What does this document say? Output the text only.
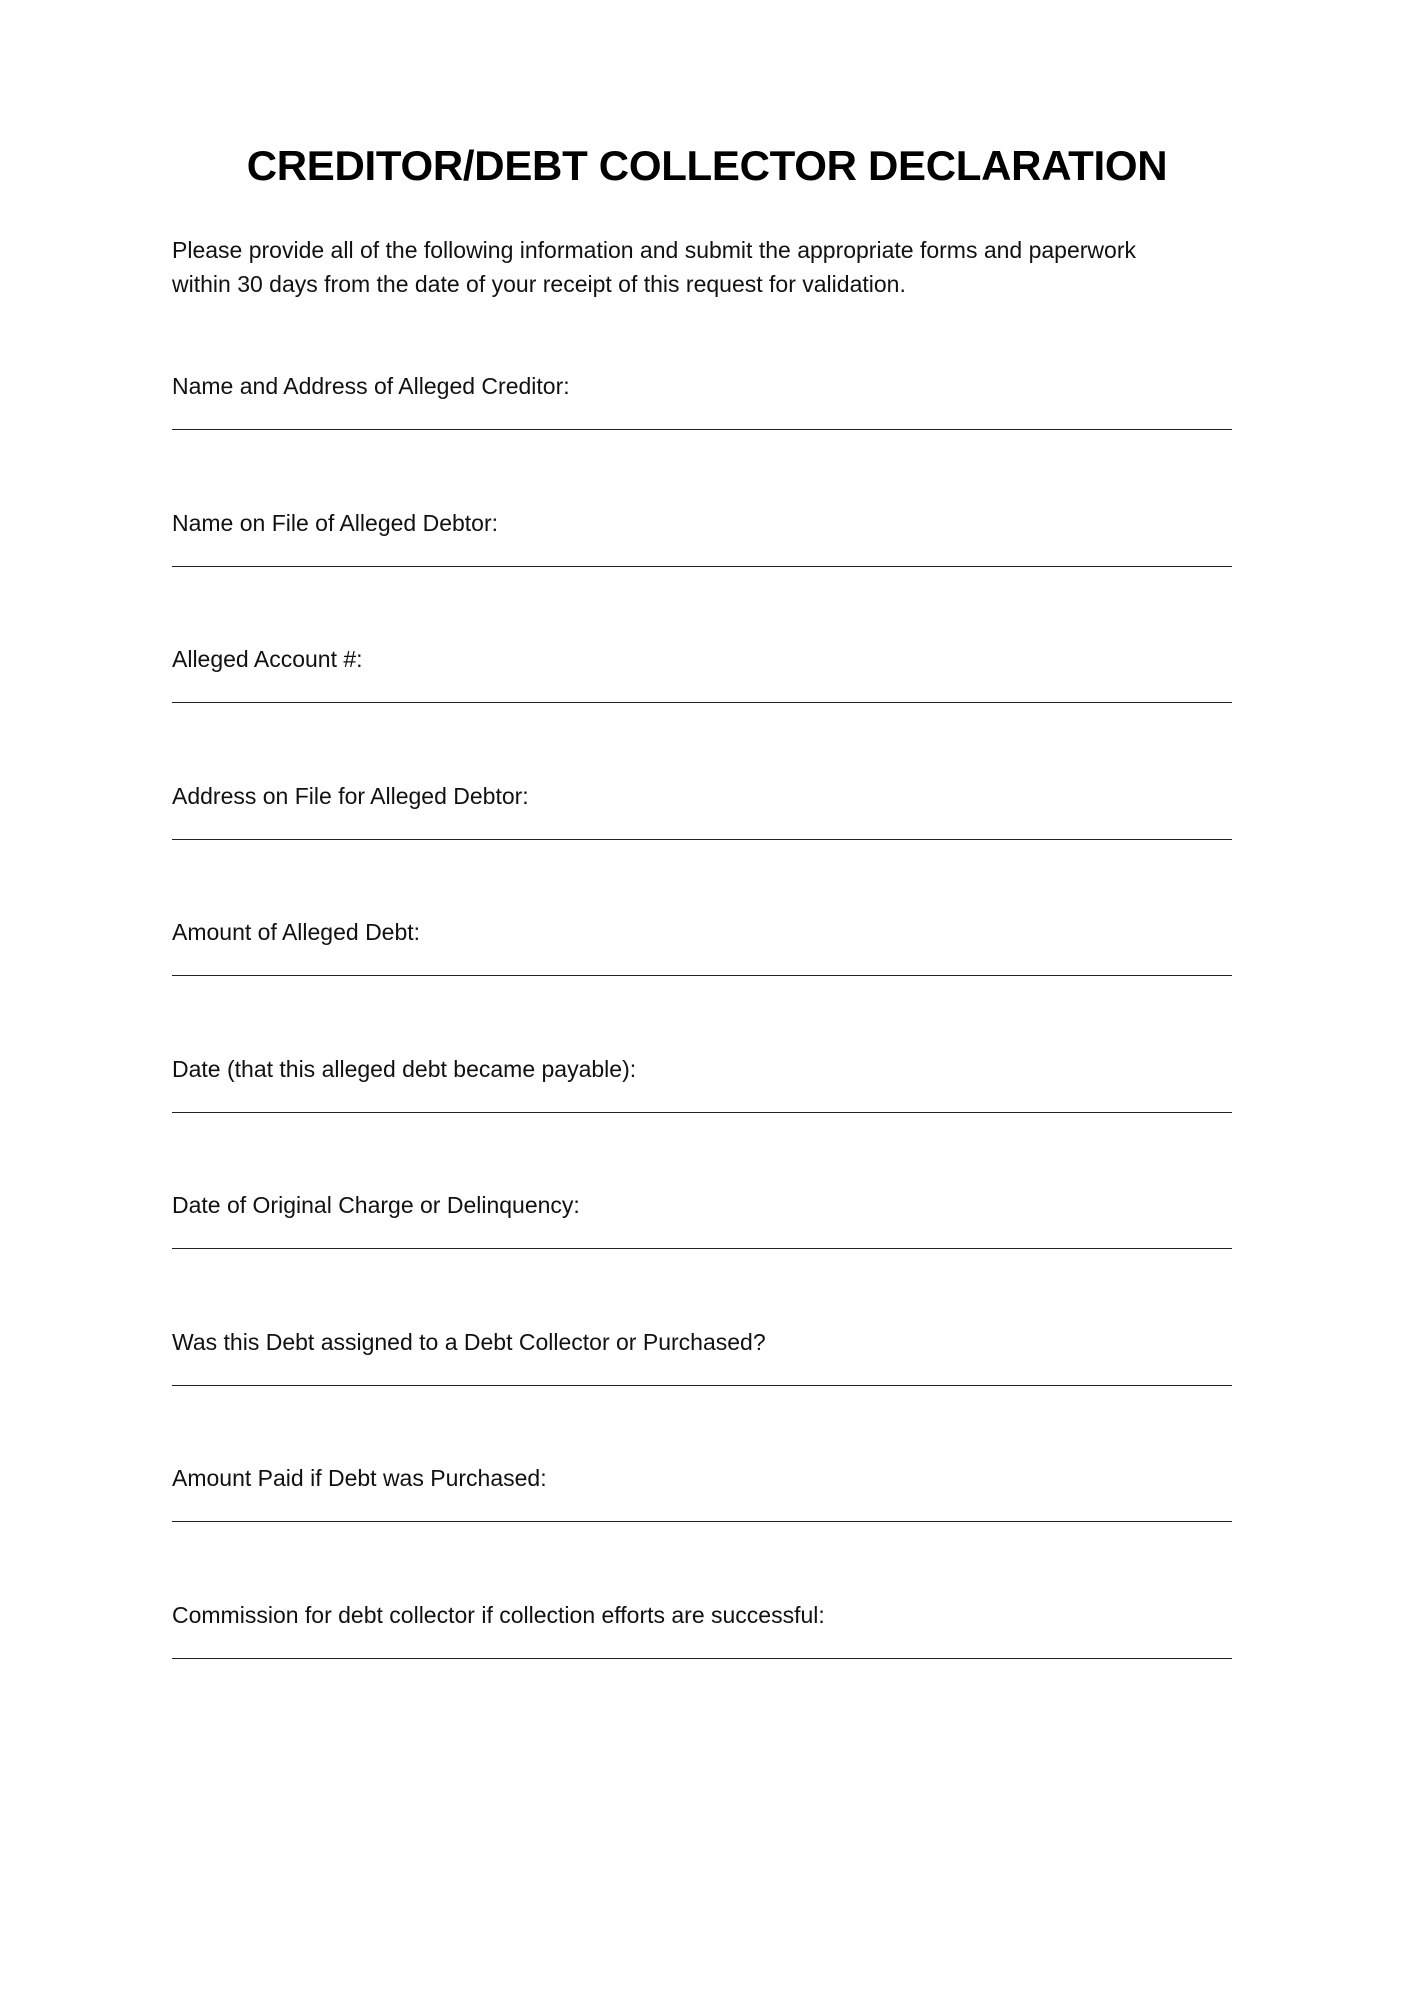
CREDITOR/DEBT COLLECTOR DECLARATION
Please provide all of the following information and submit the appropriate forms and paperwork
within 30 days from the date of your receipt of this request for validation.
Name and Address of Alleged Creditor:
Name on File of Alleged Debtor:
Alleged Account #:
Address on File for Alleged Debtor:
Amount of Alleged Debt:
Date (that this alleged debt became payable):
Date of Original Charge or Delinquency:
Was this Debt assigned to a Debt Collector or Purchased?
Amount Paid if Debt was Purchased:
Commission for debt collector if collection efforts are successful:
